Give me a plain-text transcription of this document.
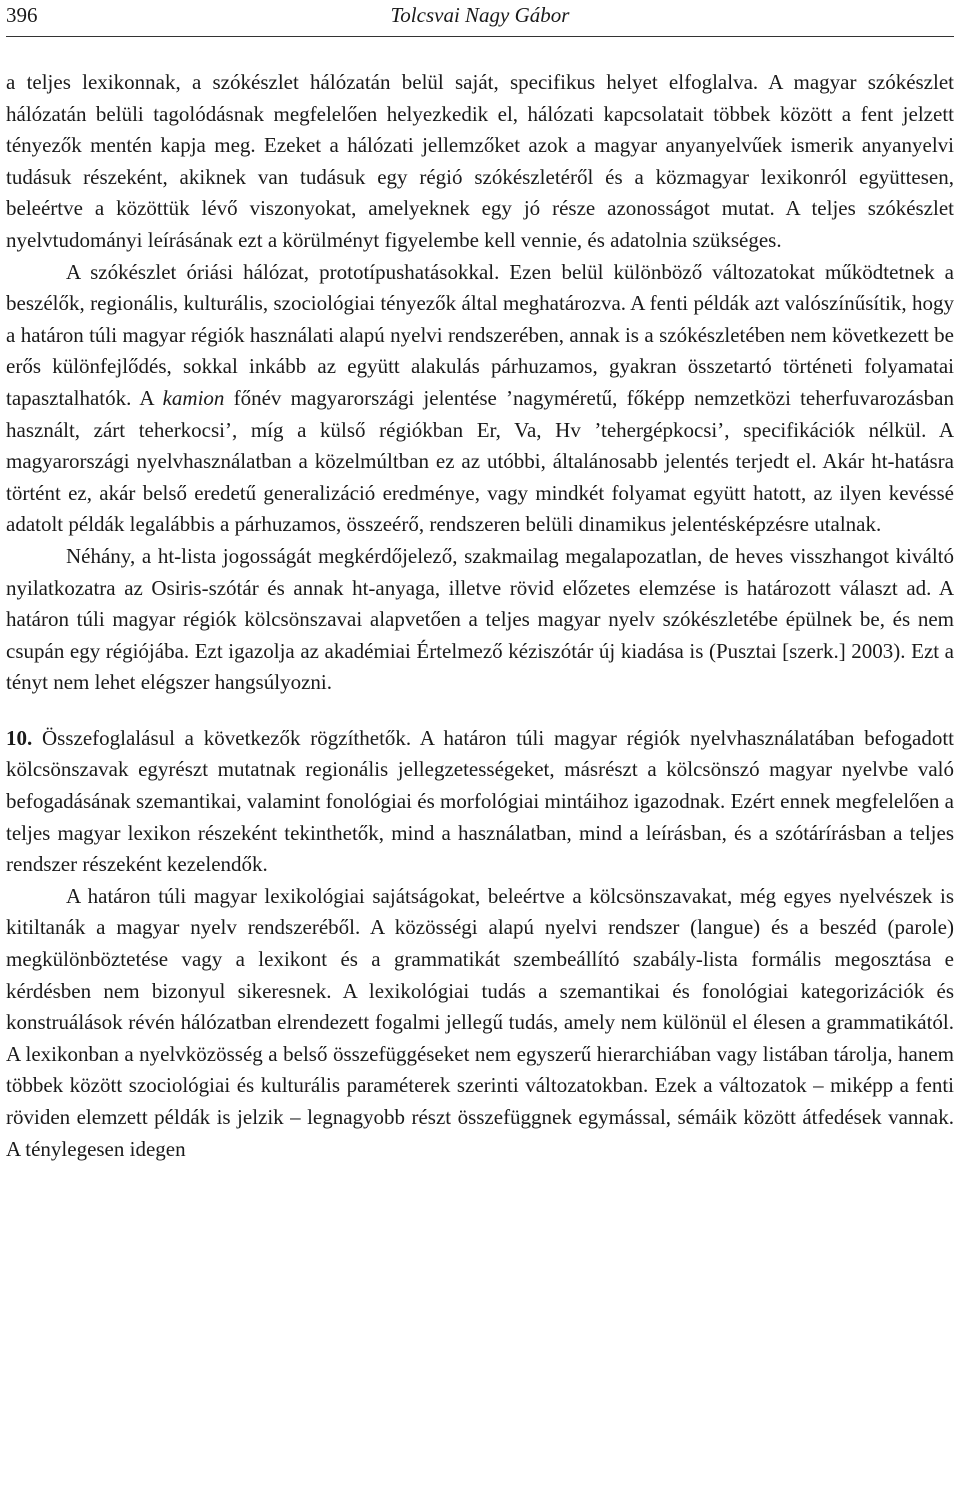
396	Tolcsvai Nagy Gábor

a teljes lexikonnak, a szókészlet hálózatán belül saját, specifikus helyet elfoglalva. A magyar szókészlet hálózatán belüli tagolódásnak megfelelően helyezkedik el, hálózati kapcsolatait többek között a fent jelzett tényezők mentén kapja meg. Ezeket a hálózati jellemzőket azok a magyar anyanyelvűek ismerik anyanyelvi tudásuk részeként, akiknek van tudásuk egy régió szókészletéről és a közmagyar lexikonról együttesen, beleértve a közöttük lévő viszonyokat, amelyeknek egy jó része azonosságot mutat. A teljes szókészlet nyelvtudományi leírásának ezt a körülményt figyelembe kell vennie, és adatolnia szükséges.

A szókészlet óriási hálózat, prototípushatásokkal. Ezen belül különböző változatokat működtetnek a beszélők, regionális, kulturális, szociológiai tényezők által meghatározva. A fenti példák azt valószínűsítik, hogy a határon túli magyar régiók használati alapú nyelvi rendszerében, annak is a szókészletében nem következett be erős különfejlődés, sokkal inkább az együtt alakulás párhuzamos, gyakran összetartó történeti folyamatai tapasztalhatók. A kamion főnév magyarországi jelentése ’nagyméretű, főképp nemzetközi teherfuvarozásban használt, zárt teherkocsi’, míg a külső régiókban Er, Va, Hv ’tehergépkocsi’, specifikációk nélkül. A magyarországi nyelvhasználatban a közelmúltban ez az utóbbi, általánosabb jelentés terjedt el. Akár ht-hatásra történt ez, akár belső eredetű generalizáció eredménye, vagy mindkét folyamat együtt hatott, az ilyen kevéssé adatolt példák legalábbis a párhuzamos, összeérő, rendszeren belüli dinamikus jelentésképzésre utalnak.

Néhány, a ht-lista jogosságát megkérdőjelező, szakmailag megalapozatlan, de heves visszhangot kiváltó nyilatkozatra az Osiris-szótár és annak ht-anyaga, illetve rövid előzetes elemzése is határozott választ ad. A határon túli magyar régiók kölcsönszavai alapvetően a teljes magyar nyelv szókészletébe épülnek be, és nem csupán egy régiójába. Ezt igazolja az akadémiai Értelmező kéziszótár új kiadása is (Pusztai [szerk.] 2003). Ezt a tényt nem lehet elégszer hangsúlyozni.

10. Összefoglalásul a következők rögzíthetők. A határon túli magyar régiók nyelvhasználatában befogadott kölcsönszavak egyrészt mutatnak regionális jellegzetességeket, másrészt a kölcsönszó magyar nyelvbe való befogadásának szemantikai, valamint fonológiai és morfológiai mintáihoz igazodnak. Ezért ennek megfelelően a teljes magyar lexikon részeként tekinthetők, mind a használatban, mind a leírásban, és a szótárírásban a teljes rendszer részeként kezelendők.

A határon túli magyar lexikológiai sajátságokat, beleértve a kölcsönszavakat, még egyes nyelvészek is kitiltanák a magyar nyelv rendszeréből. A közösségi alapú nyelvi rendszer (langue) és a beszéd (parole) megkülönböztetése vagy a lexikont és a grammatikát szembeállító szabály-lista formális megosztása e kérdésben nem bizonyul sikeresnek. A lexikológiai tudás a szemantikai és fonológiai kategorizációk és konstruálások révén hálózatban elrendezett fogalmi jellegű tudás, amely nem különül el élesen a grammatikától. A lexikonban a nyelvközösség a belső összefüggéseket nem egyszerű hierarchiában vagy listában tárolja, hanem többek között szociológiai és kulturális paraméterek szerinti változatokban. Ezek a változatok – miképp a fenti röviden elemzett példák is jelzik – legnagyobb részt összefüggnek egymással, sémáik között átfedések vannak. A ténylegesen idegen
